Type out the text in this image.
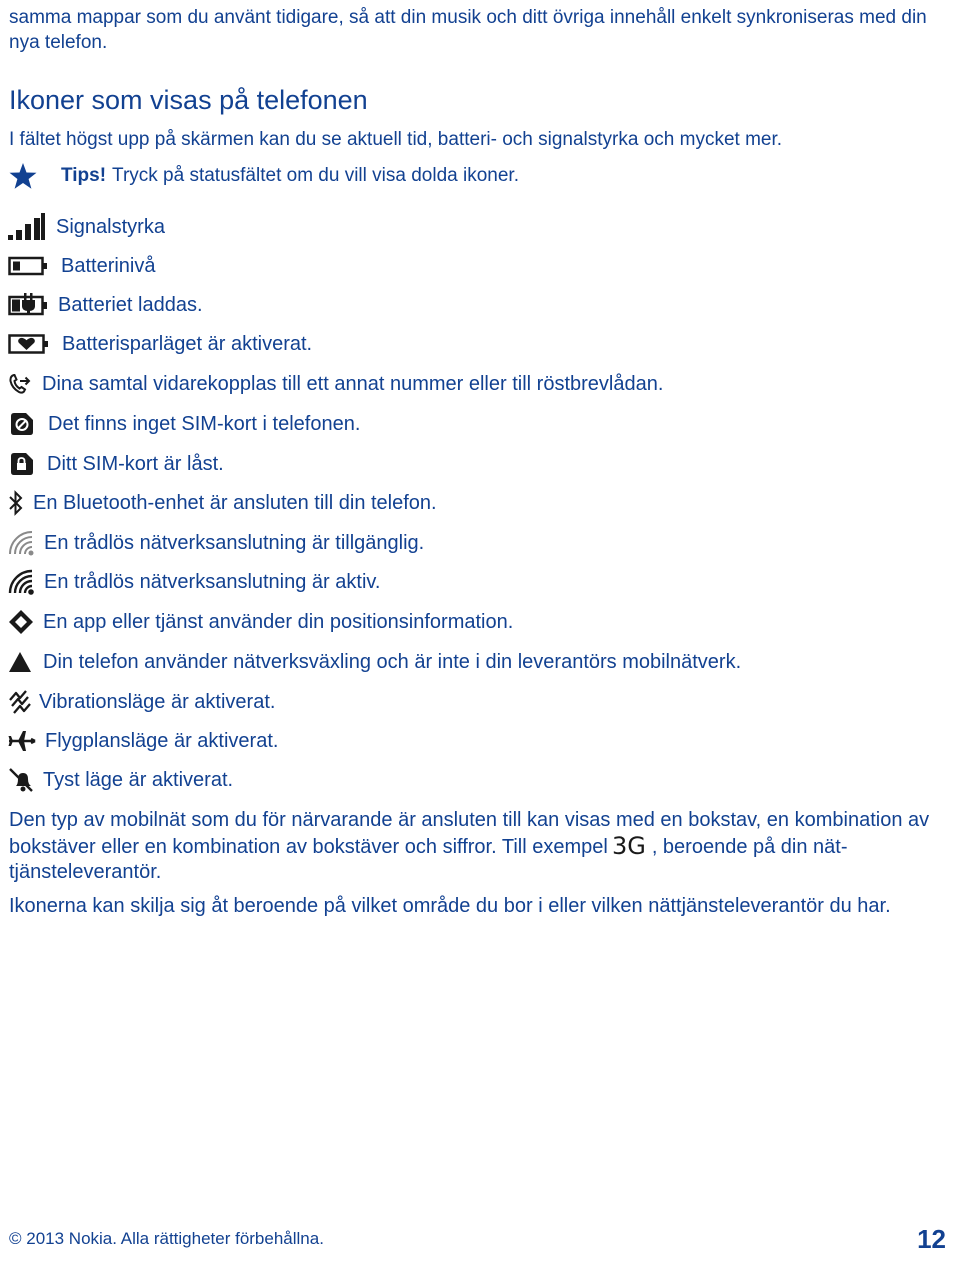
samma mappar som du använt tidigare, så att din musik och ditt övriga innehåll enkelt synkroniseras med din nya telefon.

Ikoner som visas på telefonen

I fältet högst upp på skärmen kan du se aktuell tid, batteri- och signalstyrka och mycket mer.

Tips! Tryck på statusfältet om du vill visa dolda ikoner.
Signalstyrka
Batterinivå
Batteriet laddas.
Batterisparläget är aktiverat.
Dina samtal vidarekopplas till ett annat nummer eller till röstbrevlådan.
Det finns inget SIM-kort i telefonen.
Ditt SIM-kort är låst.
En Bluetooth-enhet är ansluten till din telefon.
En trådlös nätverksanslutning är tillgänglig.
En trådlös nätverksanslutning är aktiv.
En app eller tjänst använder din positionsinformation.
Din telefon använder nätverksväxling och är inte i din leverantörs mobilnätverk.
Vibrationsläge är aktiverat.
Flygplansläge är aktiverat.
Tyst läge är aktiverat.

Den typ av mobilnät som du för närvarande är ansluten till kan visas med en bokstav, en kombination av bokstäver eller en kombination av bokstäver och siffror. Till exempel 3G , beroende på din nättjänsteleverantör.

Ikonerna kan skilja sig åt beroende på vilket område du bor i eller vilken nättjänsteleverantör du har.

© 2013 Nokia. Alla rättigheter förbehållna.	12
